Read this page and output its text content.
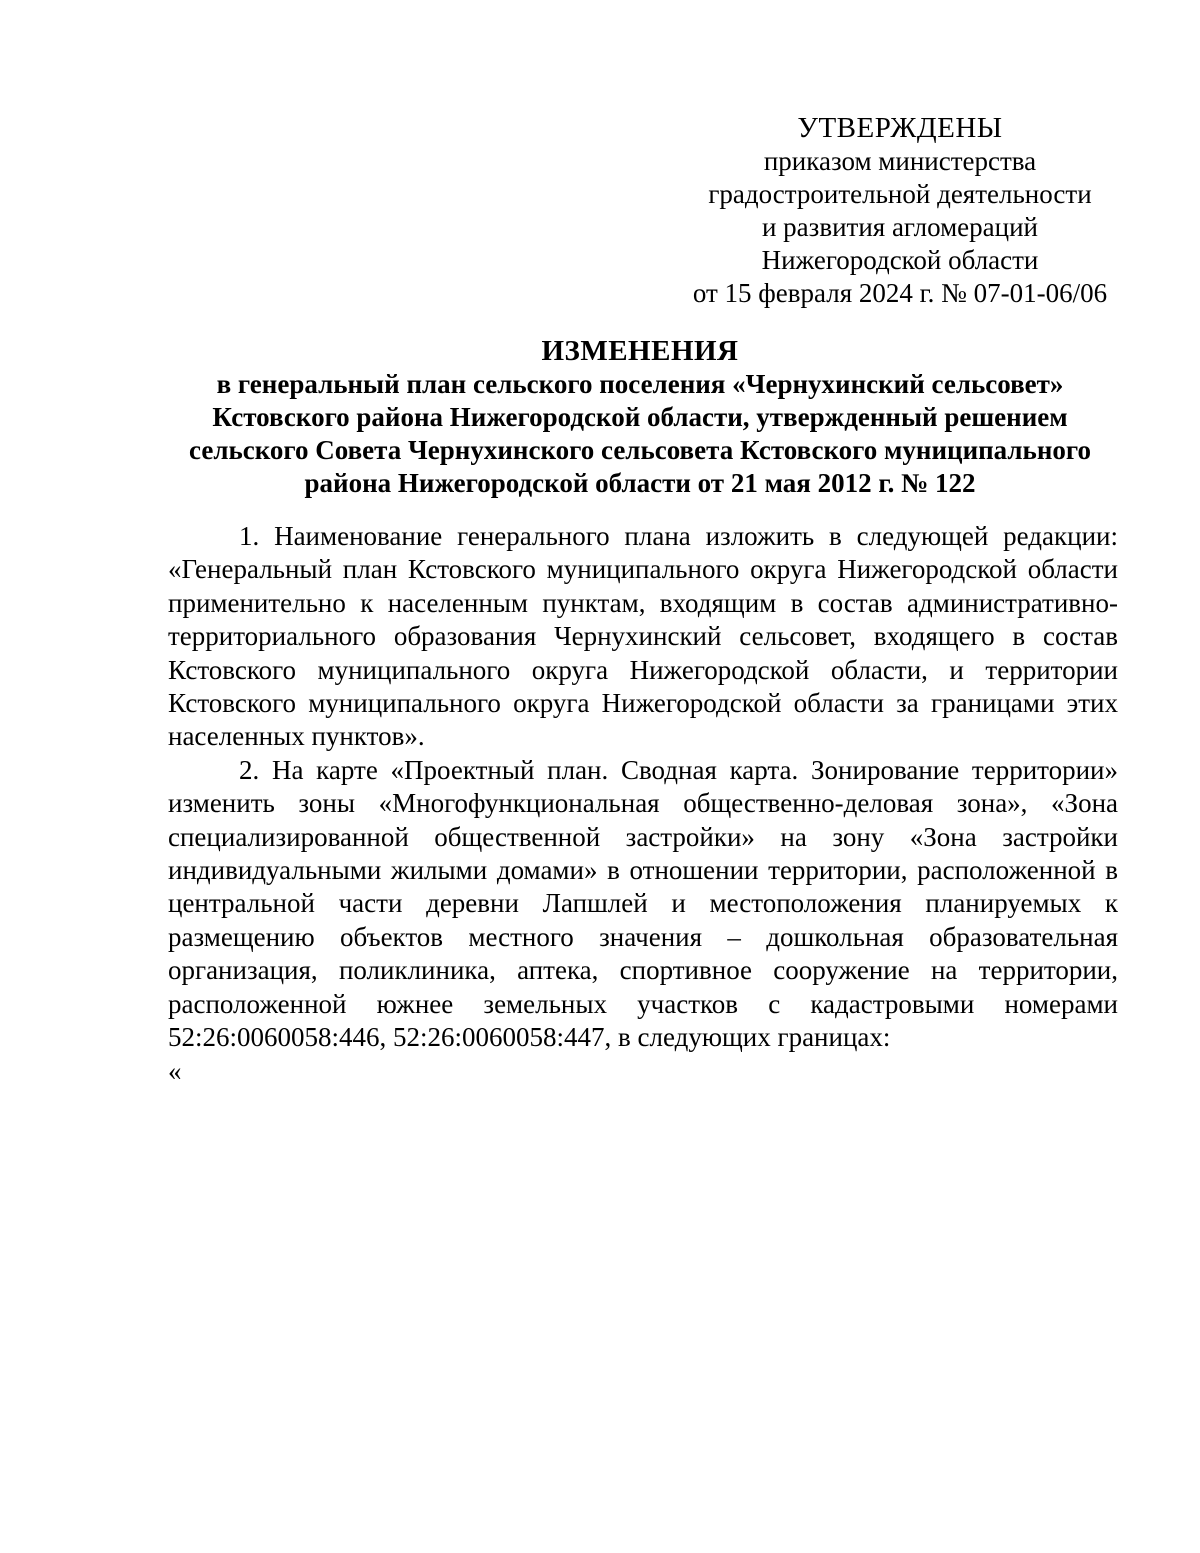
УТВЕРЖДЕНЫ
приказом министерства
градостроительной деятельности
и развития агломераций
Нижегородской области
от 15 февраля 2024 г. № 07-01-06/06
ИЗМЕНЕНИЯ
в генеральный план сельского поселения «Чернухинский сельсовет»
Кстовского района Нижегородской области, утвержденный решением
сельского Совета Чернухинского сельсовета Кстовского муниципального
района Нижегородской области от 21 мая 2012 г. № 122

1. Наименование генерального плана изложить в следующей редакции: «Генеральный план Кстовского муниципального округа Нижегородской области применительно к населенным пунктам, входящим в состав административно-территориального образования Чернухинский сельсовет, входящего в состав Кстовского муниципального округа Нижегородской области, и территории Кстовского муниципального округа Нижегородской области за границами этих населенных пунктов».

2. На карте «Проектный план. Сводная карта. Зонирование территории» изменить зоны «Многофункциональная общественно-деловая зона», «Зона специализированной общественной застройки» на зону «Зона застройки индивидуальными жилыми домами» в отношении территории, расположенной в центральной части деревни Лапшлей и местоположения планируемых к размещению объектов местного значения – дошкольная образовательная организация, поликлиника, аптека, спортивное сооружение на территории, расположенной южнее земельных участков с кадастровыми номерами 52:26:0060058:446, 52:26:0060058:447, в следующих границах:

«
